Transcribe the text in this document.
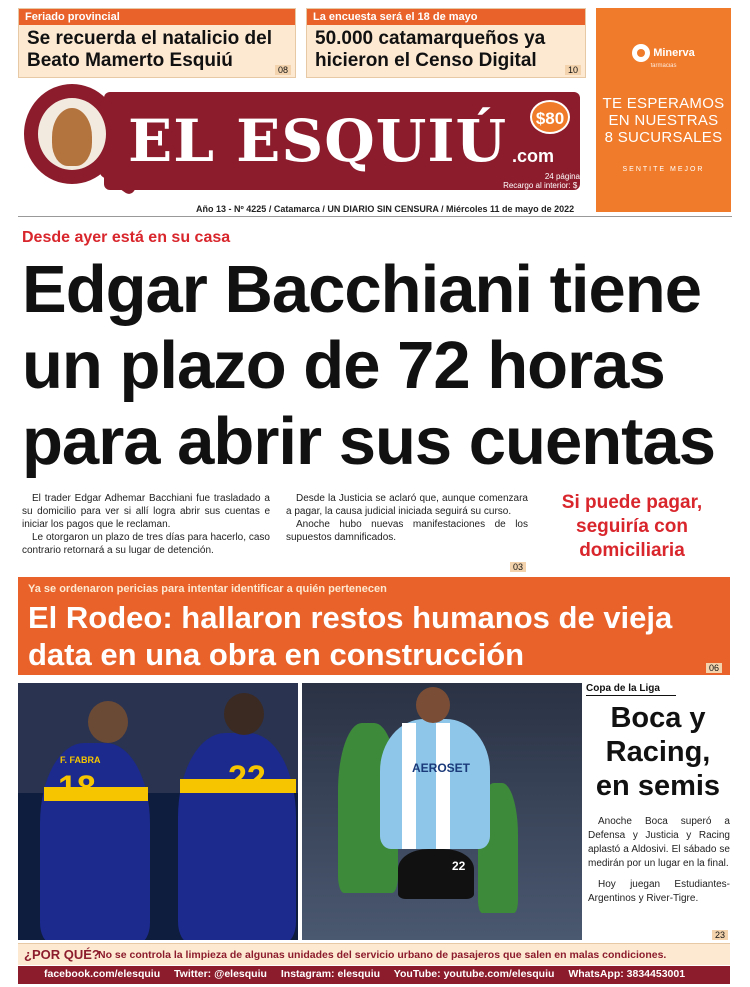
Feriado provincial
Se recuerda el natalicio del Beato Mamerto Esquiú	08
La encuesta será el 18 de mayo
50.000 catamarqueños ya hicieron el Censo Digital	10
Minerva
farmacias
TE ESPERAMOS EN NUESTRAS 8 SUCURSALES
SENTITE MEJOR
EL ESQUIÚ .com
$80
24 páginas
Recargo al interior: $ 2
Año 13 - Nº 4225 / Catamarca / UN DIARIO SIN CENSURA / Miércoles 11 de mayo de 2022
Desde ayer está en su casa
Edgar Bacchiani tiene un plazo de 72 horas para abrir sus cuentas

El trader Edgar Adhemar Bacchiani fue trasladado a su domicilio para ver si allí logra abrir sus cuentas e iniciar los pagos que le reclaman.

Le otorgaron un plazo de tres días para hacerlo, caso contrario retornará a su lugar de detención.

Desde la Justicia se aclaró que, aunque comenzara a pagar, la causa judicial iniciada seguirá su curso.

Anoche hubo nuevas manifestaciones de los supuestos damnificados.

03
Si puede pagar, seguiría con domiciliaria
Ya se ordenaron pericias para intentar identificar a quién pertenecen
El Rodeo: hallaron restos humanos de vieja data en una obra en construcción	06
F. FABRA
18	22	AEROSET
22
Copa de la Liga
Boca y Racing, en semis

Anoche Boca superó a Defensa y Justicia y Racing aplastó a Aldosivi. El sábado se medirán por un lugar en la final.

Hoy juegan Estudiantes-Argentinos y River-Tigre.

23
¿POR QUÉ?
No se controla la limpieza de algunas unidades del servicio urbano de pasajeros que salen en malas condiciones.
facebook.com/elesquiu Twitter: @elesquiu Instagram: elesquiu YouTube: youtube.com/elesquiu WhatsApp: 3834453001
